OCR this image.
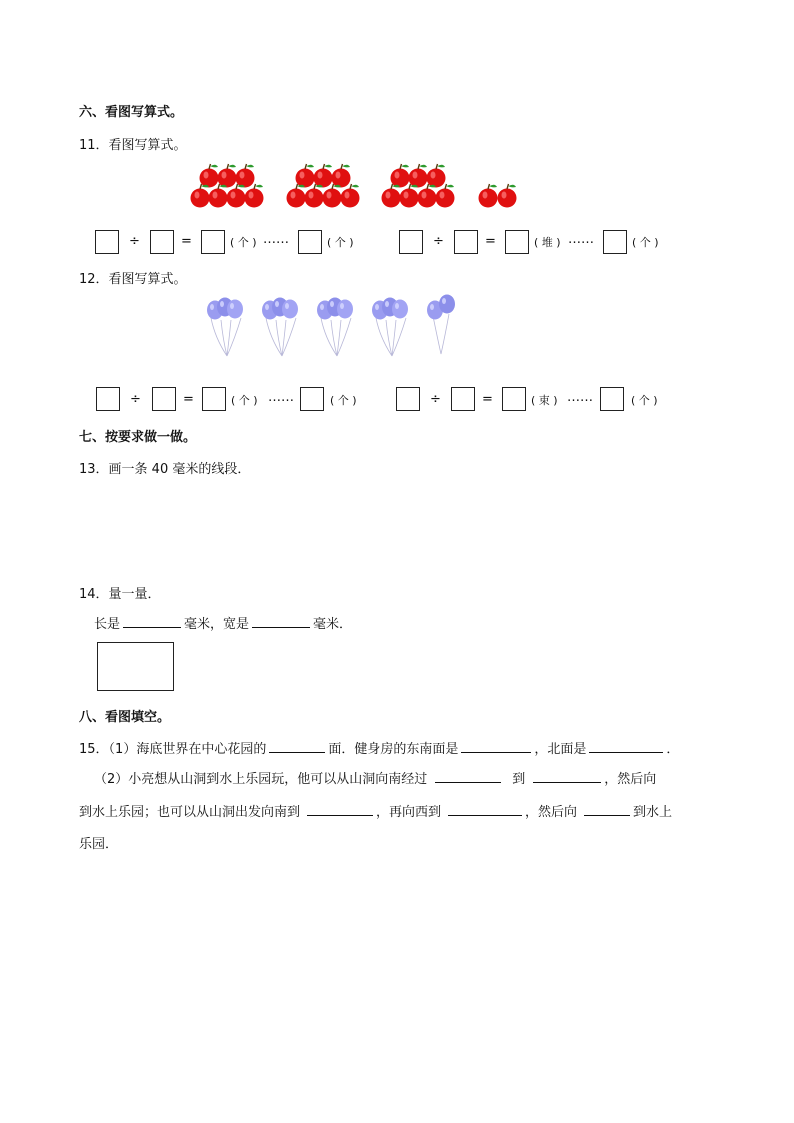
六、看图写算式。
11．看图写算式。
÷	=	( 个 ) ……	( 个 )	÷	=	( 堆 ) ……	( 个 )
12．看图写算式。
÷	=	( 个 ) ……	( 个 )	÷	=	( 束 ) ……	( 个 )
七、按要求做一做。
13．画一条 40 毫米的线段．
14．量一量．
长是	毫米，宽是	毫米．
八、看图填空。
15．（1）海底世界在中心花园的	面．健身房的东南面是	，北面是	．
（2）小亮想从山洞到水上乐园玩，他可以从山洞向南经过	到	，然后向
到水上乐园；也可以从山洞出发向南到	，再向西到	，然后向	到水上
乐园．
